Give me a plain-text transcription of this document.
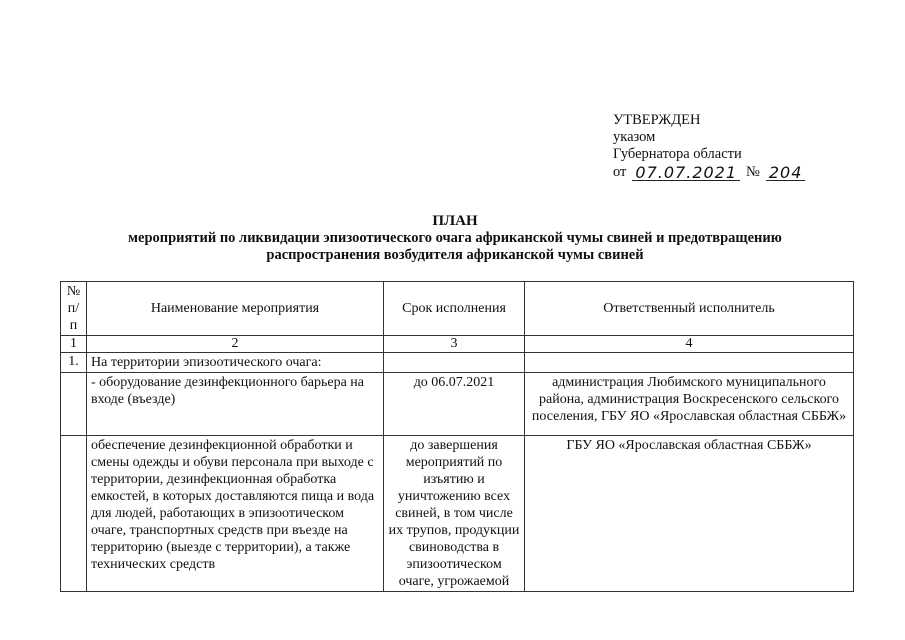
УТВЕРЖДЕН
указом
Губернатора области
от 07.07.2021 № 204
ПЛАН
мероприятий по ликвидации эпизоотического очага африканской чумы свиней и предотвращению
распространения возбудителя африканской чумы свиней
№ п/п	Наименование мероприятия	Срок исполнения	Ответственный исполнитель
1	2	3	4
1.	На территории эпизоотического очага:		
	- оборудование дезинфекционного барьера на входе (въезде)	до 06.07.2021	администрация Любимского муниципального района, администрация Воскресенского сельского поселения, ГБУ ЯО «Ярославская областная СББЖ»
	обеспечение дезинфекционной обработки и смены одежды и обуви персонала при выходе с территории, дезинфекционная обработка емкостей, в которых доставляются пища и вода для людей, работающих в эпизоотическом очаге, транспортных средств при въезде на территорию (выезде с территории), а также технических средств	до завершения мероприятий по изъятию и уничтожению всех свиней, в том числе их трупов, продукции свиноводства в эпизоотическом очаге, угрожаемой	ГБУ ЯО «Ярославская областная СББЖ»
